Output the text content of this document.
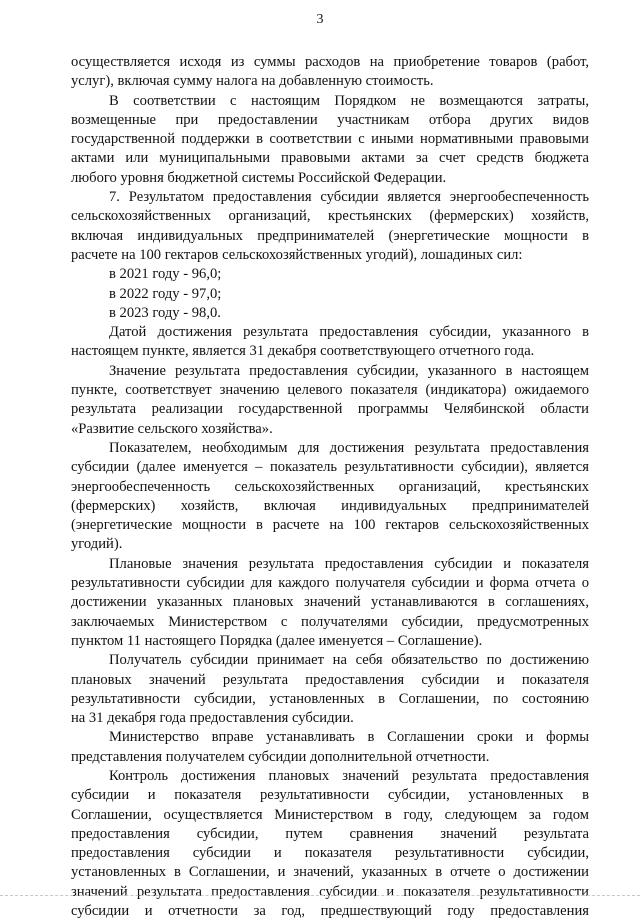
3
осуществляется исходя из суммы расходов на приобретение товаров (работ,
услуг), включая сумму налога на добавленную стоимость.
В соответствии с настоящим Порядком не возмещаются затраты,
возмещенные при предоставлении участникам отбора других видов
государственной поддержки в соответствии с иными нормативными правовыми
актами или муниципальными правовыми актами за счет средств бюджета
любого уровня бюджетной системы Российской Федерации.
7. Результатом предоставления субсидии является энергообеспеченность
сельскохозяйственных организаций, крестьянских (фермерских) хозяйств,
включая индивидуальных предпринимателей (энергетические мощности в
расчете на 100 гектаров сельскохозяйственных угодий), лошадиных сил:
в 2021 году - 96,0;
в 2022 году - 97,0;
в 2023 году - 98,0.
Датой достижения результата предоставления субсидии, указанного в
настоящем пункте, является 31 декабря соответствующего отчетного года.
Значение результата предоставления субсидии, указанного в настоящем
пункте, соответствует значению целевого показателя (индикатора) ожидаемого
результата реализации государственной программы Челябинской области
«Развитие сельского хозяйства».
Показателем, необходимым для достижения результата предоставления
субсидии (далее именуется – показатель результативности субсидии), является
энергообеспеченность сельскохозяйственных организаций, крестьянских
(фермерских) хозяйств, включая индивидуальных предпринимателей
(энергетические мощности в расчете на 100 гектаров сельскохозяйственных
угодий).
Плановые значения результата предоставления субсидии и показателя
результативности субсидии для каждого получателя субсидии и форма отчета о
достижении указанных плановых значений устанавливаются в соглашениях,
заключаемых Министерством с получателями субсидии, предусмотренных
пунктом 11 настоящего Порядка (далее именуется – Соглашение).
Получатель субсидии принимает на себя обязательство по достижению
плановых значений результата предоставления субсидии и показателя
результативности субсидии, установленных в Соглашении, по состоянию
на 31 декабря года предоставления субсидии.
Министерство вправе устанавливать в Соглашении сроки и формы
представления получателем субсидии дополнительной отчетности.
Контроль достижения плановых значений результата предоставления
субсидии и показателя результативности субсидии, установленных в
Соглашении, осуществляется Министерством в году, следующем за годом
предоставления субсидии, путем сравнения значений результата
предоставления субсидии и показателя результативности субсидии,
установленных в Соглашении, и значений, указанных в отчете о достижении
значений результата предоставления субсидии и показателя результативности
субсидии и отчетности за год, предшествующий году предоставления
